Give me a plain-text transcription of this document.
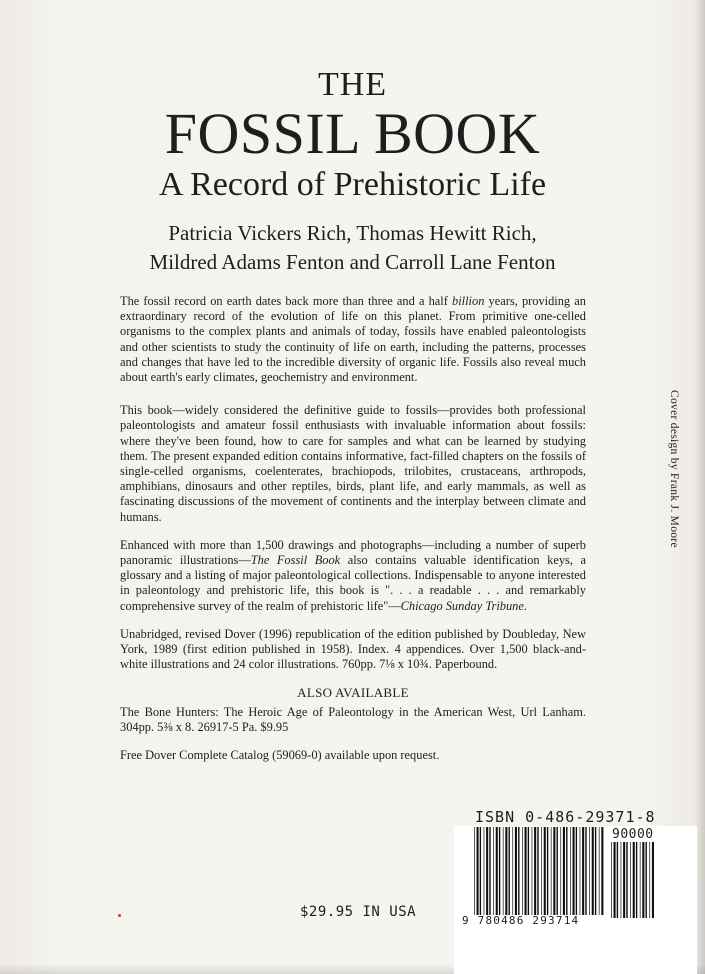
THE
FOSSIL BOOK
A Record of Prehistoric Life
Patricia Vickers Rich, Thomas Hewitt Rich,
Mildred Adams Fenton and Carroll Lane Fenton

The fossil record on earth dates back more than three and a half billion years, providing an extraordinary record of the evolution of life on this planet. From primitive one-celled organisms to the complex plants and animals of today, fossils have enabled paleontologists and other scientists to study the continuity of life on earth, including the patterns, processes and changes that have led to the incredible diversity of organic life. Fossils also reveal much about earth's early climates, geochemistry and environment.

This book—widely considered the definitive guide to fossils—provides both professional paleontologists and amateur fossil enthusiasts with invaluable information about fossils: where they've been found, how to care for samples and what can be learned by studying them. The present expanded edition contains informative, fact-filled chapters on the fossils of single-celled organisms, coelenterates, brachiopods, trilobites, crustaceans, arthropods, amphibians, dinosaurs and other reptiles, birds, plant life, and early mammals, as well as fascinating discussions of the movement of continents and the interplay between climate and humans.

Enhanced with more than 1,500 drawings and photographs—including a number of superb panoramic illustrations—The Fossil Book also contains valuable identification keys, a glossary and a listing of major paleontological collections. Indispensable to anyone interested in paleontology and prehistoric life, this book is ". . . a readable . . . and remarkably comprehensive survey of the realm of prehistoric life"—Chicago Sunday Tribune.

Unabridged, revised Dover (1996) republication of the edition published by Doubleday, New York, 1989 (first edition published in 1958). Index. 4 appendices. Over 1,500 black-and-white illustrations and 24 color illustrations. 760pp. 7⅛ x 10¾. Paperbound.

ALSO AVAILABLE
The Bone Hunters: The Heroic Age of Paleontology in the American West, Url Lanham. 304pp. 5⅜ x 8. 26917-5 Pa. $9.95
Free Dover Complete Catalog (59069-0) available upon request.
Cover design by Frank J. Moore
ISBN 0-486-29371-8
90000
9 780486 293714
$29.95 IN USA
